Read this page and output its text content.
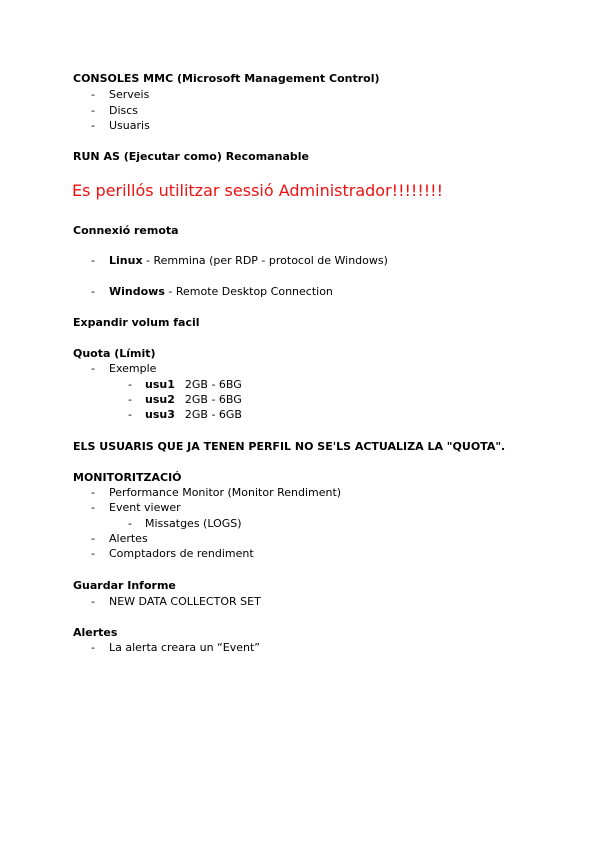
CONSOLES MMC (Microsoft Management Control)
- Serveis
- Discs
- Usuaris
RUN AS (Ejecutar como) Recomanable
Es perillós utilitzar sessió Administrador!!!!!!!!
Connexió remota
- Linux - Remmina (per RDP - protocol de Windows)
- Windows - Remote Desktop Connection
Expandir volum facil
Quota (Límit)
- Exemple
- usu1 2GB - 6BG
- usu2 2GB - 6BG
- usu3 2GB - 6GB
ELS USUARIS QUE JA TENEN PERFIL NO SE'LS ACTUALIZA LA "QUOTA".
MONITORITZACIÓ
- Performance Monitor (Monitor Rendiment)
- Event viewer
- Missatges (LOGS)
- Alertes
- Comptadors de rendiment
Guardar Informe
- NEW DATA COLLECTOR SET
Alertes
- La alerta creara un “Event”
